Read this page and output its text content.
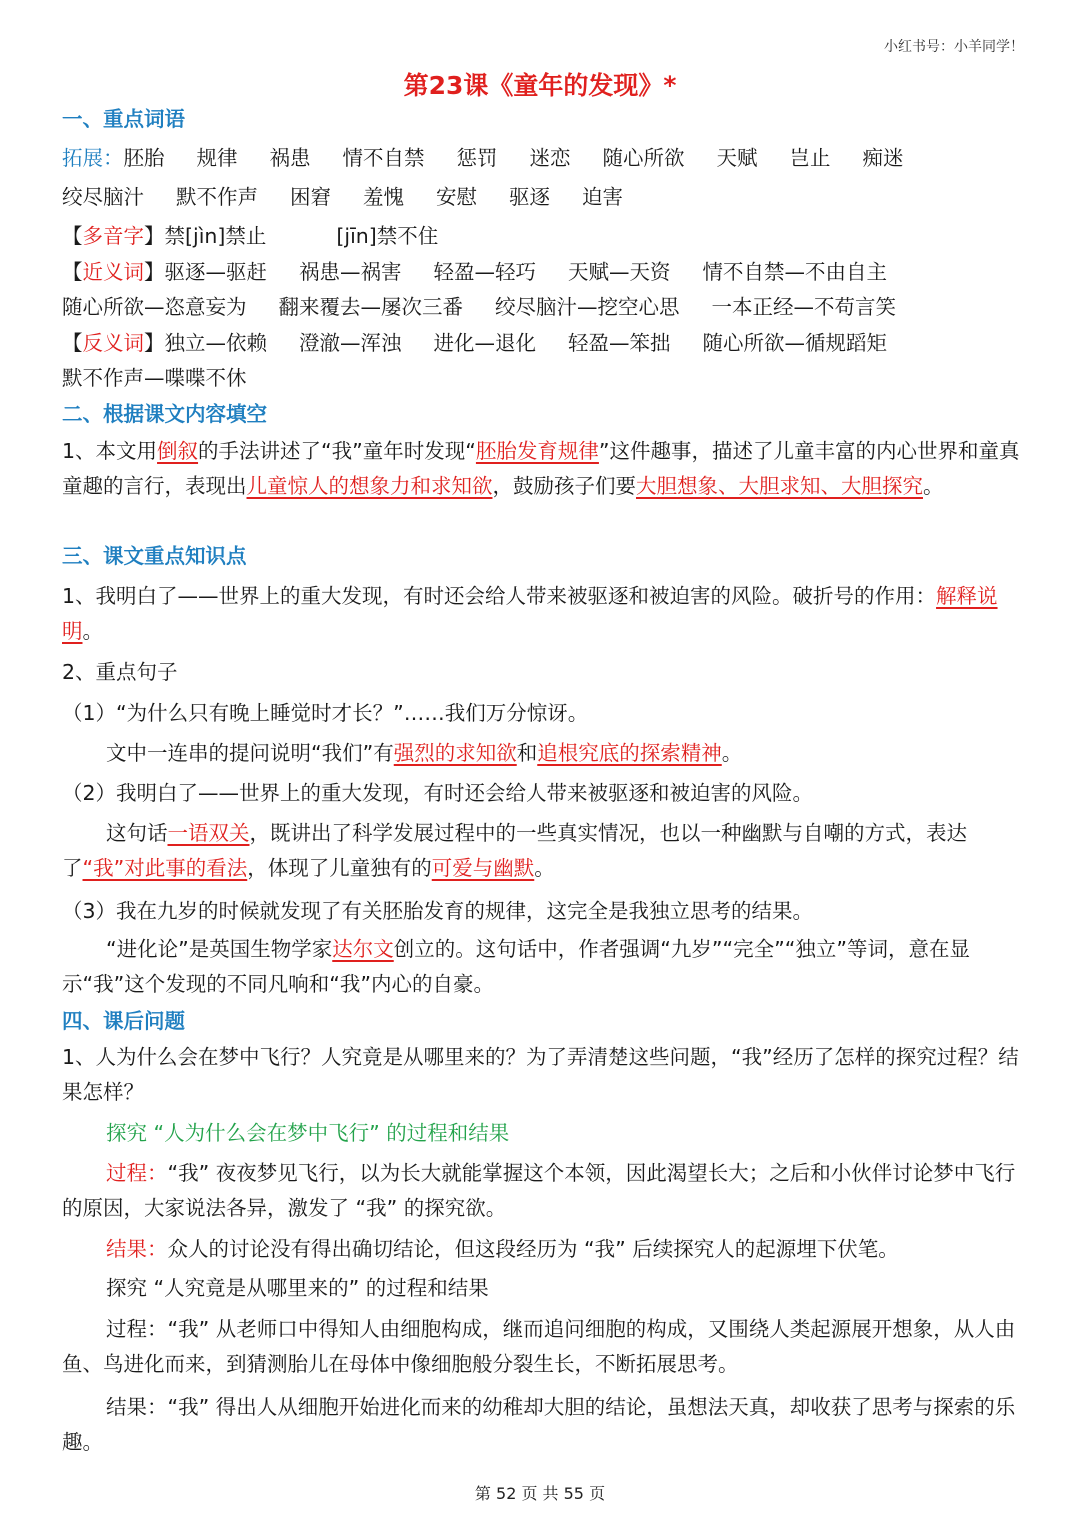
小红书号：小羊同学！
第23课《童年的发现》*
一、重点词语
拓展：胚胎 规律 祸患 情不自禁 惩罚 迷恋 随心所欲 天赋 岂止 痴迷
绞尽脑汁 默不作声 困窘 羞愧 安慰 驱逐 迫害
【多音字】禁[jìn]禁止	[jīn]禁不住
【近义词】驱逐—驱赶 祸患—祸害 轻盈—轻巧 天赋—天资 情不自禁—不由自主
随心所欲—恣意妄为 翻来覆去—屡次三番 绞尽脑汁—挖空心思 一本正经—不苟言笑
【反义词】独立—依赖 澄澈—浑浊 进化—退化 轻盈—笨拙 随心所欲—循规蹈矩
默不作声—喋喋不休
二、根据课文内容填空
1、本文用倒叙的手法讲述了“我”童年时发现“胚胎发育规律”这件趣事，描述了儿童丰富的内心世界和童真童趣的言行，表现出儿童惊人的想象力和求知欲，鼓励孩子们要大胆想象、大胆求知、大胆探究。
三、课文重点知识点
1、我明白了——世界上的重大发现，有时还会给人带来被驱逐和被迫害的风险。破折号的作用：解释说明。
2、重点句子
（1）“为什么只有晚上睡觉时才长？”……我们万分惊讶。
文中一连串的提问说明“我们”有强烈的求知欲和追根究底的探索精神。
（2）我明白了——世界上的重大发现，有时还会给人带来被驱逐和被迫害的风险。
这句话一语双关，既讲出了科学发展过程中的一些真实情况，也以一种幽默与自嘲的方式，表达了“我”对此事的看法，体现了儿童独有的可爱与幽默。
（3）我在九岁的时候就发现了有关胚胎发育的规律，这完全是我独立思考的结果。
“进化论”是英国生物学家达尔文创立的。这句话中，作者强调“九岁”“完全”“独立”等词，意在显示“我”这个发现的不同凡响和“我”内心的自豪。
四、课后问题
1、人为什么会在梦中飞行？人究竟是从哪里来的？为了弄清楚这些问题，“我”经历了怎样的探究过程？结果怎样？
探究 “人为什么会在梦中飞行” 的过程和结果
过程：“我” 夜夜梦见飞行，以为长大就能掌握这个本领，因此渴望长大；之后和小伙伴讨论梦中飞行的原因，大家说法各异，激发了 “我” 的探究欲。
结果：众人的讨论没有得出确切结论，但这段经历为 “我” 后续探究人的起源埋下伏笔。
探究 “人究竟是从哪里来的” 的过程和结果
过程：“我” 从老师口中得知人由细胞构成，继而追问细胞的构成，又围绕人类起源展开想象，从人由鱼、鸟进化而来，到猜测胎儿在母体中像细胞般分裂生长，不断拓展思考。
结果：“我” 得出人从细胞开始进化而来的幼稚却大胆的结论，虽想法天真，却收获了思考与探索的乐趣。
第 52 页 共 55 页
